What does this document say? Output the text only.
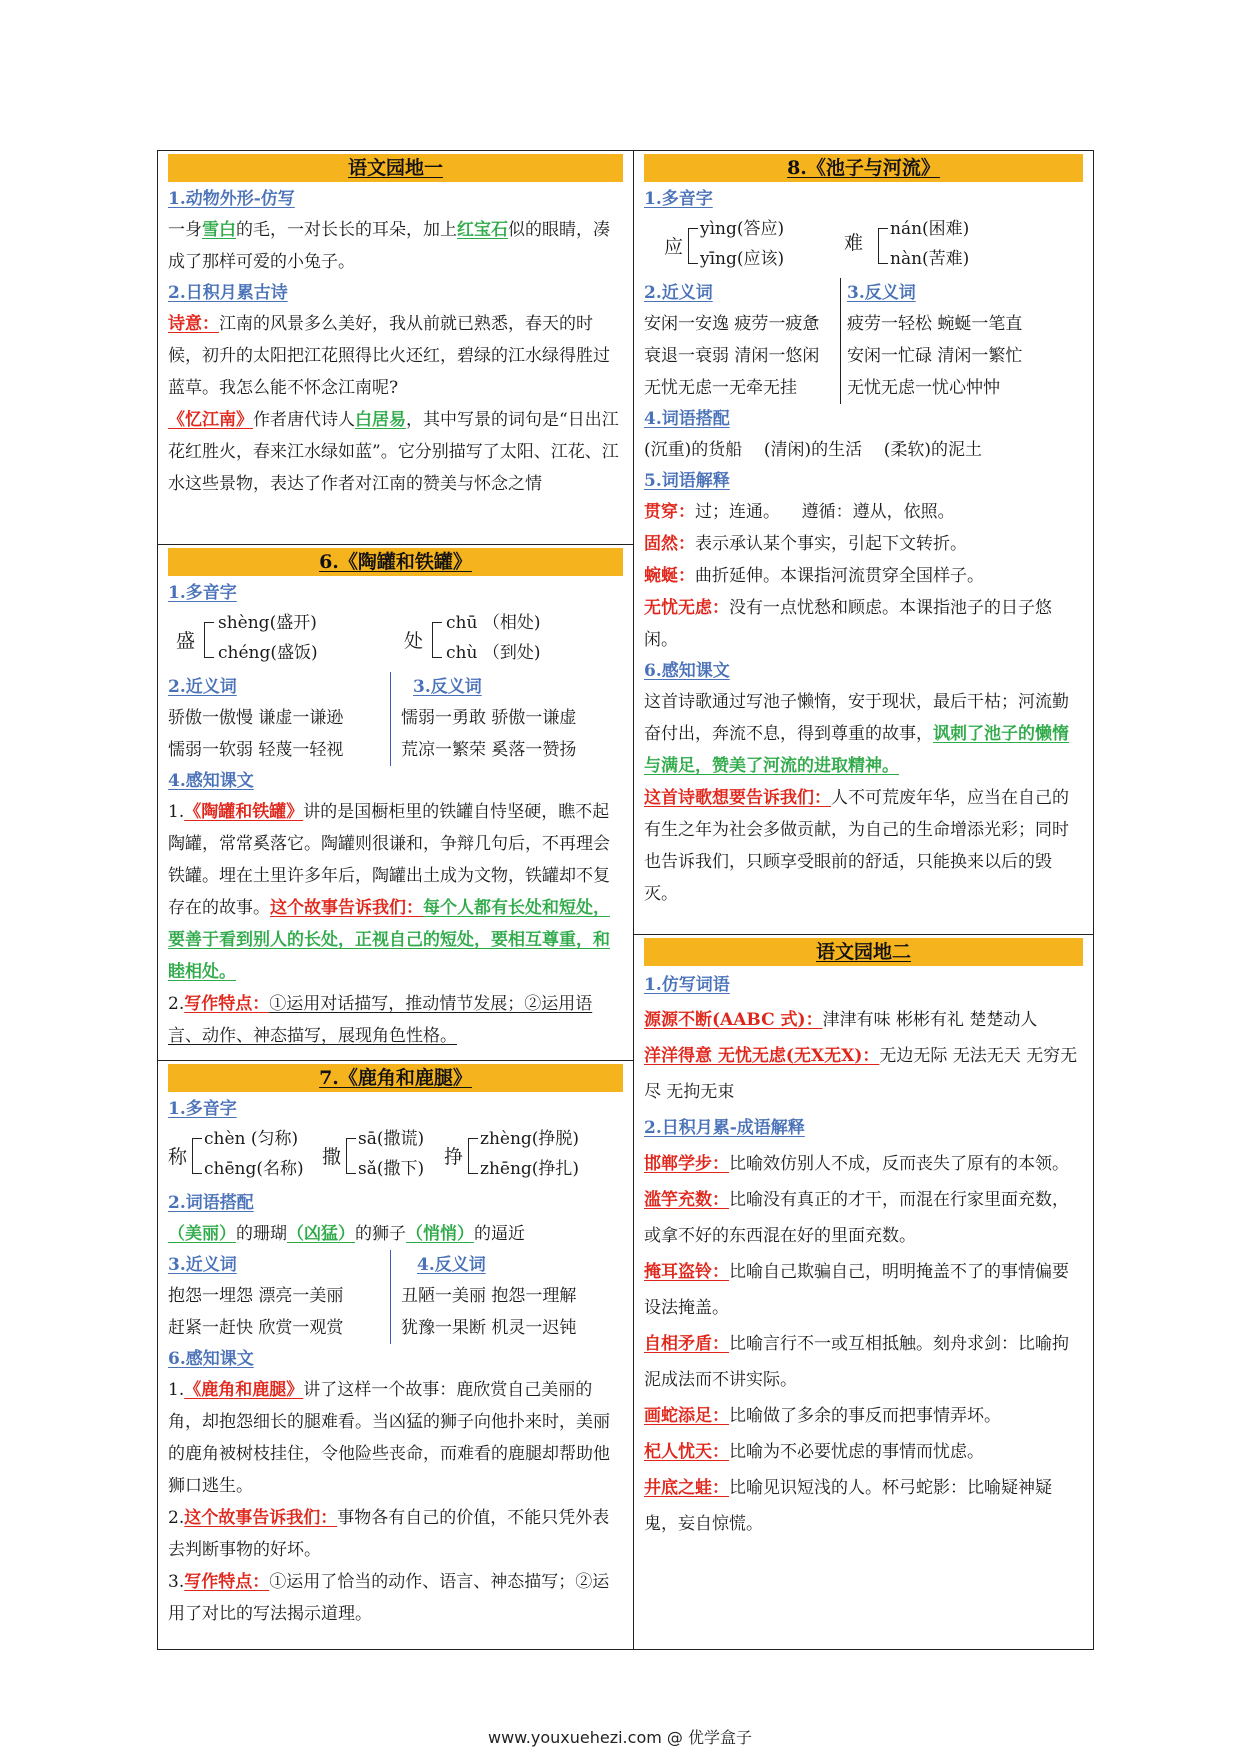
语文园地一
1.动物外形-仿写
一身雪白的毛，一对长长的耳朵，加上红宝石似的眼睛，凑成了那样可爱的小兔子。
2.日积月累古诗
诗意：江南的风景多么美好，我从前就已熟悉，春天的时候，初升的太阳把江花照得比火还红，碧绿的江水绿得胜过蓝草。我怎么能不怀念江南呢?
《忆江南》作者唐代诗人白居易，其中写景的词句是“日出江花红胜火，春来江水绿如蓝”。它分别描写了太阳、江花、江水这些景物，表达了作者对江南的赞美与怀念之情
6.《陶罐和铁罐》
1.多音字
盛
shèng(盛开)
chéng(盛饭)
处
chū （相处)
chù （到处)
2.近义词
骄傲一傲慢 谦虚一谦逊
懦弱一软弱 轻蔑一轻视
3.反义词
懦弱一勇敢 骄傲一谦虚
荒凉一繁荣 奚落一赞扬
4.感知课文
1.《陶罐和铁罐》讲的是国橱柜里的铁罐自恃坚硬，瞧不起陶罐，常常奚落它。陶罐则很谦和，争辩几句后，不再理会铁罐。埋在土里许多年后，陶罐出土成为文物，铁罐却不复存在的故事。这个故事告诉我们：每个人都有长处和短处，要善于看到别人的长处，正视自己的短处，要相互尊重，和睦相处。
2.写作特点：①运用对话描写，推动情节发展；②运用语言、动作、神态描写，展现角色性格。
7.《鹿角和鹿腿》
1.多音字
称
chèn (匀称)
chēng(名称)
撒
sā(撒谎)
sǎ(撒下)
挣
zhèng(挣脱)
zhēng(挣扎)
2.词语搭配
（美丽）的珊瑚（凶猛）的狮子（悄悄）的逼近
3.近义词
抱怨一埋怨 漂亮一美丽
赶紧一赶快 欣赏一观赏
4.反义词
丑陋一美丽 抱怨一理解
犹豫一果断 机灵一迟钝
6.感知课文
1.《鹿角和鹿腿》讲了这样一个故事：鹿欣赏自己美丽的角，却抱怨细长的腿难看。当凶猛的狮子向他扑来时，美丽的鹿角被树枝挂住，令他险些丧命，而难看的鹿腿却帮助他狮口逃生。
2.这个故事告诉我们：事物各有自己的价值，不能只凭外表去判断事物的好坏。
3.写作特点：①运用了恰当的动作、语言、神态描写；②运用了对比的写法揭示道理。
8.《池子与河流》
1.多音字
应
yìng(答应)
yīng(应该)
难
nán(困难)
nàn(苦难)
2.近义词
安闲一安逸 疲劳一疲惫
衰退一衰弱 清闲一悠闲
无忧无虑一无牵无挂
3.反义词
疲劳一轻松 蜿蜒一笔直
安闲一忙碌 清闲一繁忙
无忧无虑一忧心忡忡
4.词语搭配
(沉重)的货船    (清闲)的生活    (柔软)的泥土
5.词语解释
贯穿：过；连通。    遵循：遵从，依照。
固然：表示承认某个事实，引起下文转折。
蜿蜒：曲折延伸。本课指河流贯穿全国样子。
无忧无虑：没有一点忧愁和顾虑。本课指池子的日子悠闲。
6.感知课文
这首诗歌通过写池子懒惰，安于现状，最后干枯；河流勤奋付出，奔流不息，得到尊重的故事，讽刺了池子的懒惰与满足，赞美了河流的进取精神。
这首诗歌想要告诉我们：人不可荒废年华，应当在自己的有生之年为社会多做贡献，为自己的生命增添光彩；同时也告诉我们，只顾享受眼前的舒适，只能换来以后的毁灭。
语文园地二
1.仿写词语
源源不断(AABC 式)：津津有味 彬彬有礼 楚楚动人
洋洋得意 无忧无虑(无X无X)：无边无际 无法无天 无穷无尽 无拘无束
2.日积月累-成语解释
邯郸学步：比喻效仿别人不成，反而丧失了原有的本领。
滥竽充数：比喻没有真正的才干，而混在行家里面充数，或拿不好的东西混在好的里面充数。
掩耳盗铃：比喻自己欺骗自己，明明掩盖不了的事情偏要设法掩盖。
自相矛盾：比喻言行不一或互相抵触。刻舟求剑：比喻拘泥成法而不讲实际。
画蛇添足：比喻做了多余的事反而把事情弄坏。
杞人忧天：比喻为不必要忧虑的事情而忧虑。
井底之蛙：比喻见识短浅的人。杯弓蛇影：比喻疑神疑鬼，妄自惊慌。
www.youxuehezi.com @ 优学盒子
